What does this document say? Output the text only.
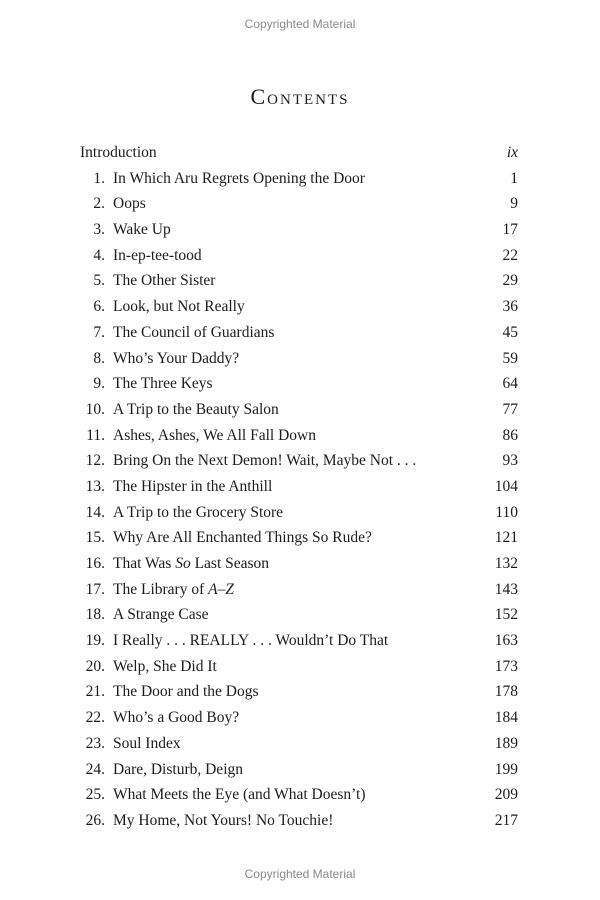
Copyrighted Material
Contents
Introduction	ix
1. In Which Aru Regrets Opening the Door	1
2. Oops	9
3. Wake Up	17
4. In-ep-tee-tood	22
5. The Other Sister	29
6. Look, but Not Really	36
7. The Council of Guardians	45
8. Who’s Your Daddy?	59
9. The Three Keys	64
10. A Trip to the Beauty Salon	77
11. Ashes, Ashes, We All Fall Down	86
12. Bring On the Next Demon! Wait, Maybe Not . . .	93
13. The Hipster in the Anthill	104
14. A Trip to the Grocery Store	110
15. Why Are All Enchanted Things So Rude?	121
16. That Was So Last Season	132
17. The Library of A–Z	143
18. A Strange Case	152
19. I Really . . . REALLY . . . Wouldn’t Do That	163
20. Welp, She Did It	173
21. The Door and the Dogs	178
22. Who’s a Good Boy?	184
23. Soul Index	189
24. Dare, Disturb, Deign	199
25. What Meets the Eye (and What Doesn’t)	209
26. My Home, Not Yours! No Touchie!	217
Copyrighted Material
